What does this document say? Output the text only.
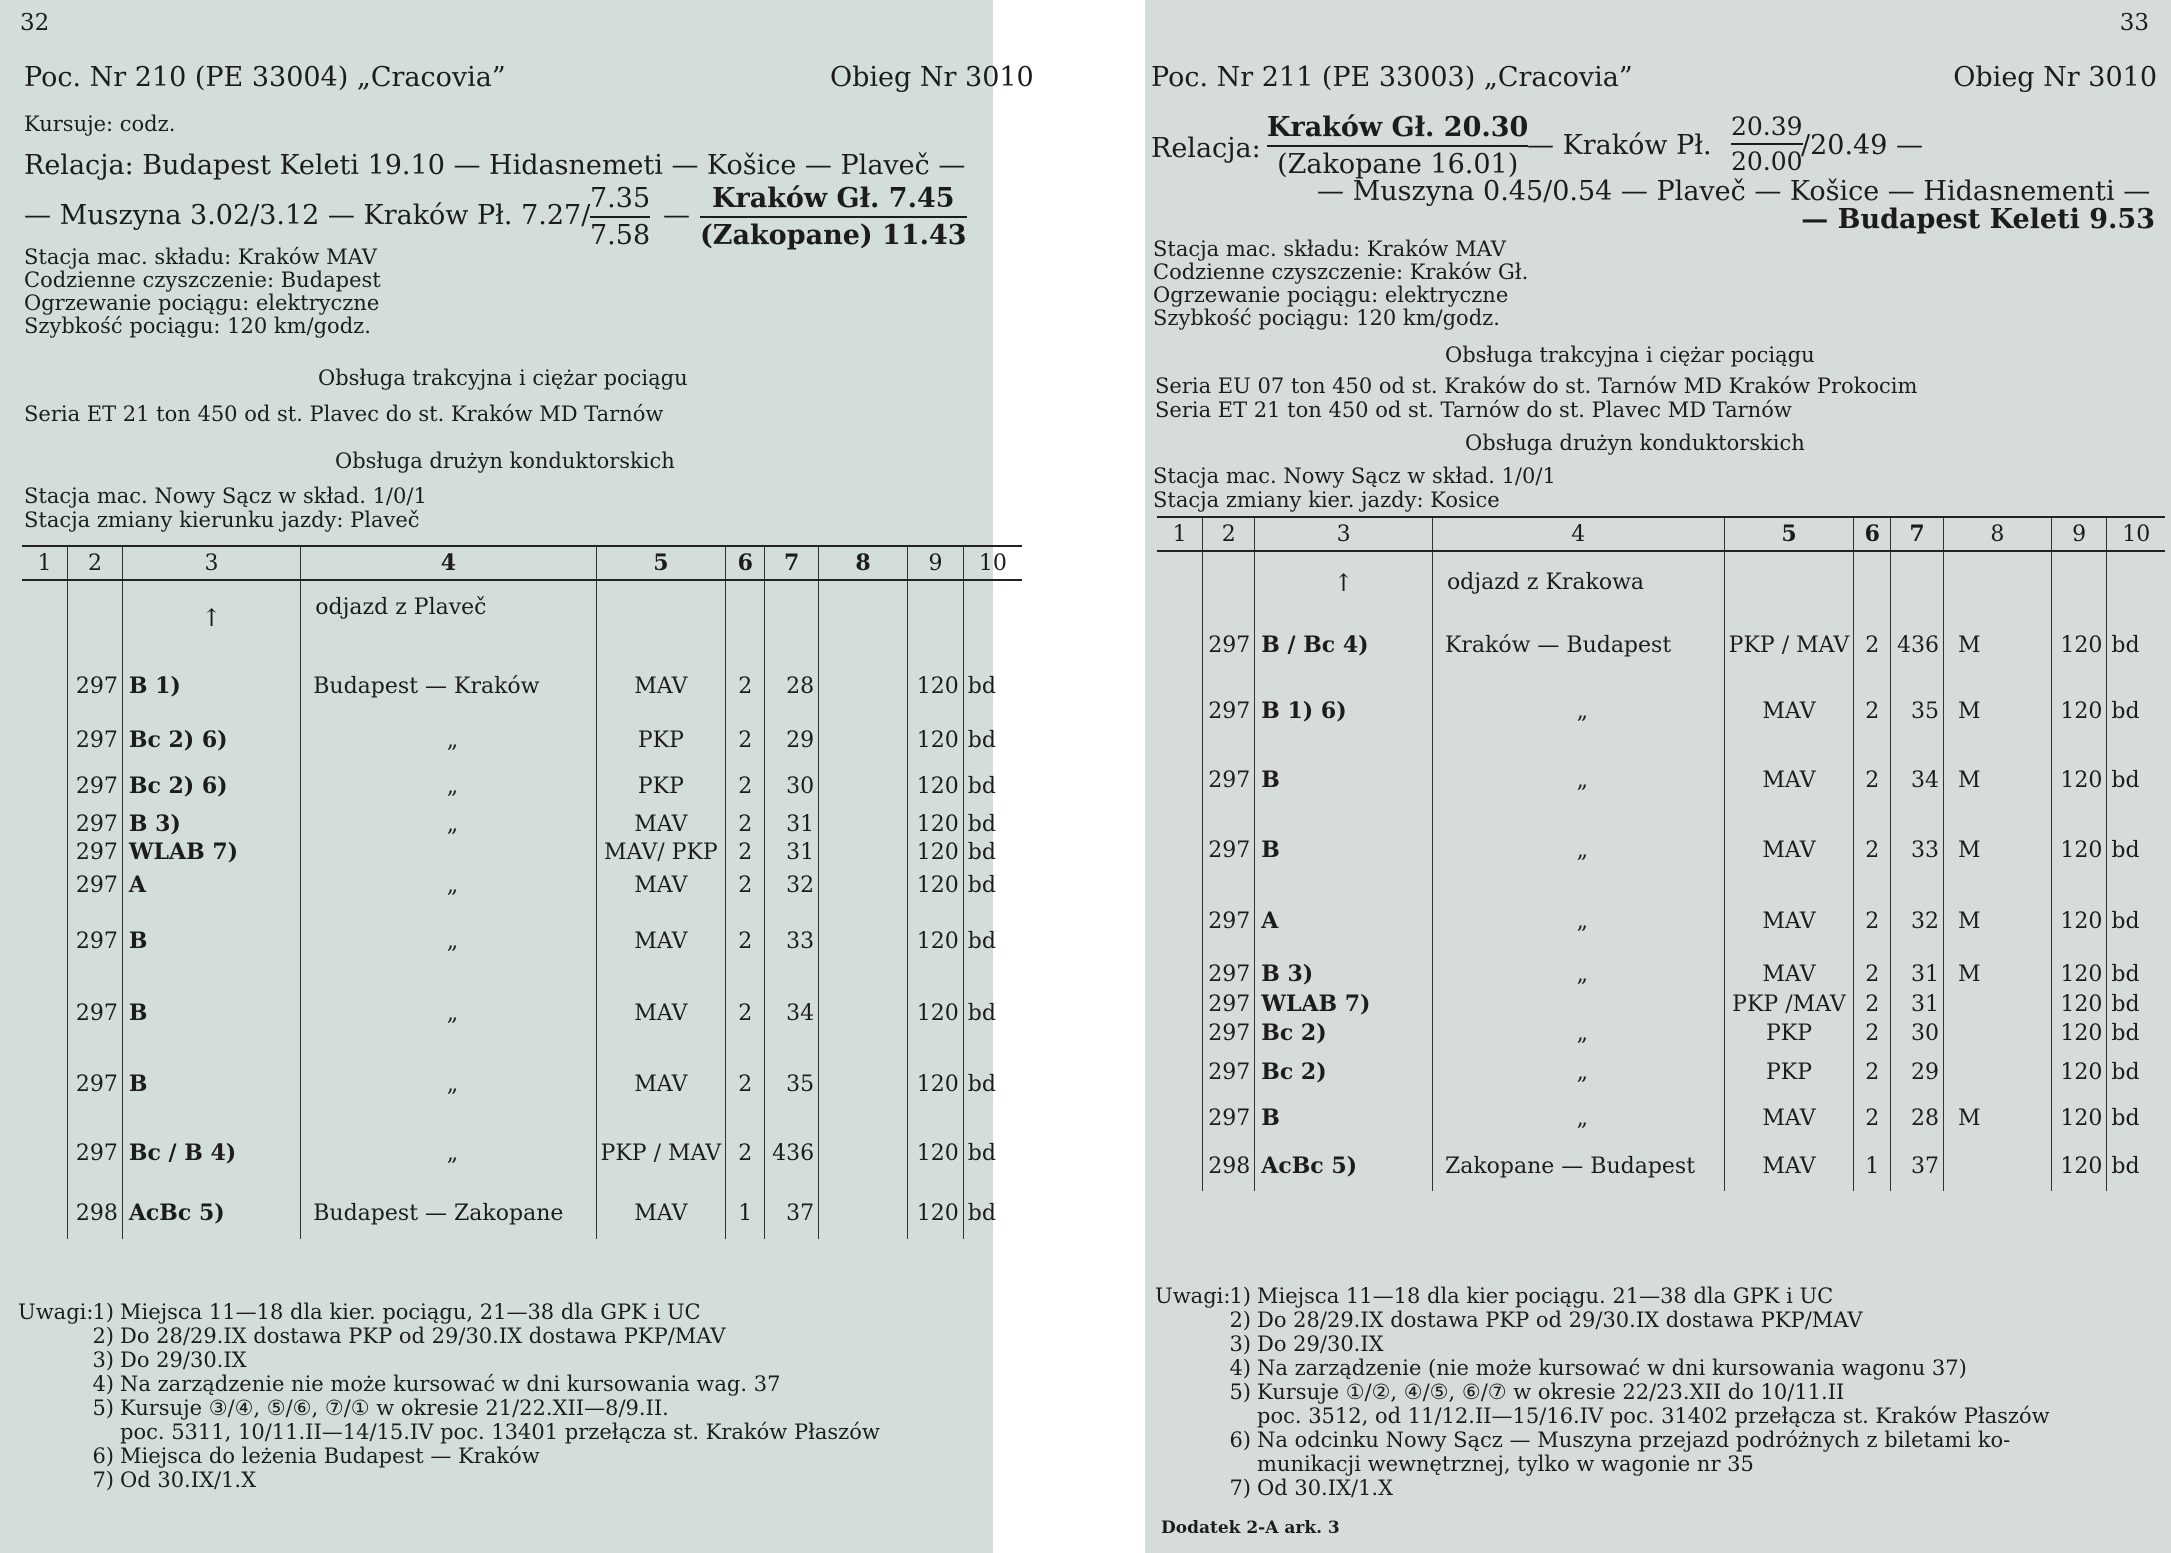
32
Poc. Nr 210 (PE 33004) „Cracovia”	Obieg Nr 3010
Kursuje: codz.
Relacja: Budapest Keleti 19.10 — Hidasnemeti — Košice — Plaveč —
— Muszyna 3.02/3.12 — Kraków Pł. 7.27/
7.35
7.58
—
Kraków Gł. 7.45
(Zakopane) 11.43
Stacja mac. składu: Kraków MAV
Codzienne czyszczenie: Budapest
Ogrzewanie pociągu: elektryczne
Szybkość pociągu: 120 km/godz.
Obsługa trakcyjna i ciężar pociągu
Seria ET 21 ton 450 od st. Plavec do st. Kraków MD Tarnów
Obsługa drużyn konduktorskich
Stacja mac. Nowy Sącz w skład. 1/0/1
Stacja zmiany kierunku jazdy: Plaveč
1	2	3	4	5	6	7	8	9	10
		↑	odjazd z Plaveč						
	297	B 1)	Budapest — Kraków	MAV	2	28		120	bd
	297	Bc 2) 6)	„	PKP	2	29		120	bd
	297	Bc 2) 6)	„	PKP	2	30		120	bd
	297	B 3)	„	MAV	2	31		120	bd
	297	WLAB 7)		MAV/ PKP	2	31		120	bd
	297	A	„	MAV	2	32		120	bd
	297	B	„	MAV	2	33		120	bd
	297	B	„	MAV	2	34		120	bd
	297	B	„	MAV	2	35		120	bd
	297	Bc / B 4)	„	PKP / MAV	2	436		120	bd
	298	AcBc 5)	Budapest — Zakopane	MAV	1	37		120	bd
Uwagi: 1) Miejsca 11—18 dla kier. pociągu, 21—38 dla GPK i UC
2) Do 28/29.IX dostawa PKP od 29/30.IX dostawa PKP/MAV
3) Do 29/30.IX
4) Na zarządzenie nie może kursować w dni kursowania wag. 37
5) Kursuje ③/④, ⑤/⑥, ⑦/① w okresie 21/22.XII—8/9.II.
poc. 5311, 10/11.II—14/15.IV poc. 13401 przełącza st. Kraków Płaszów
6) Miejsca do leżenia Budapest — Kraków
7) Od 30.IX/1.X
33
Poc. Nr 211 (PE 33003) „Cracovia”	Obieg Nr 3010
Relacja:
Kraków Gł. 20.30
(Zakopane 16.01)
— Kraków Pł.
20.39
20.00
/20.49 —
— Muszyna 0.45/0.54 — Plaveč — Košice — Hidasnementi —
— Budapest Keleti 9.53
Stacja mac. składu: Kraków MAV
Codzienne czyszczenie: Kraków Gł.
Ogrzewanie pociągu: elektryczne
Szybkość pociągu: 120 km/godz.
Obsługa trakcyjna i ciężar pociągu
Seria EU 07 ton 450 od st. Kraków do st. Tarnów MD Kraków Prokocim
Seria ET 21 ton 450 od st. Tarnów do st. Plavec MD Tarnów
Obsługa drużyn konduktorskich
Stacja mac. Nowy Sącz w skład. 1/0/1
Stacja zmiany kier. jazdy: Kosice
1	2	3	4	5	6	7	8	9	10
		↑	odjazd z Krakowa						
	297	B / Bc 4)	Kraków — Budapest	PKP / MAV	2	436	M	120	bd
	297	B 1) 6)	„	MAV	2	35	M	120	bd
	297	B	„	MAV	2	34	M	120	bd
	297	B	„	MAV	2	33	M	120	bd
	297	A	„	MAV	2	32	M	120	bd
	297	B 3)	„	MAV	2	31	M	120	bd
	297	WLAB 7)		PKP /MAV	2	31		120	bd
	297	Bc 2)	„	PKP	2	30		120	bd
	297	Bc 2)	„	PKP	2	29		120	bd
	297	B	„	MAV	2	28	M	120	bd
	298	AcBc 5)	Zakopane — Budapest	MAV	1	37		120	bd
Uwagi: 1) Miejsca 11—18 dla kier pociągu. 21—38 dla GPK i UC
2) Do 28/29.IX dostawa PKP od 29/30.IX dostawa PKP/MAV
3) Do 29/30.IX
4) Na zarządzenie (nie może kursować w dni kursowania wagonu 37)
5) Kursuje ①/②, ④/⑤, ⑥/⑦ w okresie 22/23.XII do 10/11.II
poc. 3512, od 11/12.II—15/16.IV poc. 31402 przełącza st. Kraków Płaszów
6) Na odcinku Nowy Sącz — Muszyna przejazd podróżnych z biletami ko-
munikacji wewnętrznej, tylko w wagonie nr 35
7) Od 30.IX/1.X
Dodatek 2-A ark. 3
